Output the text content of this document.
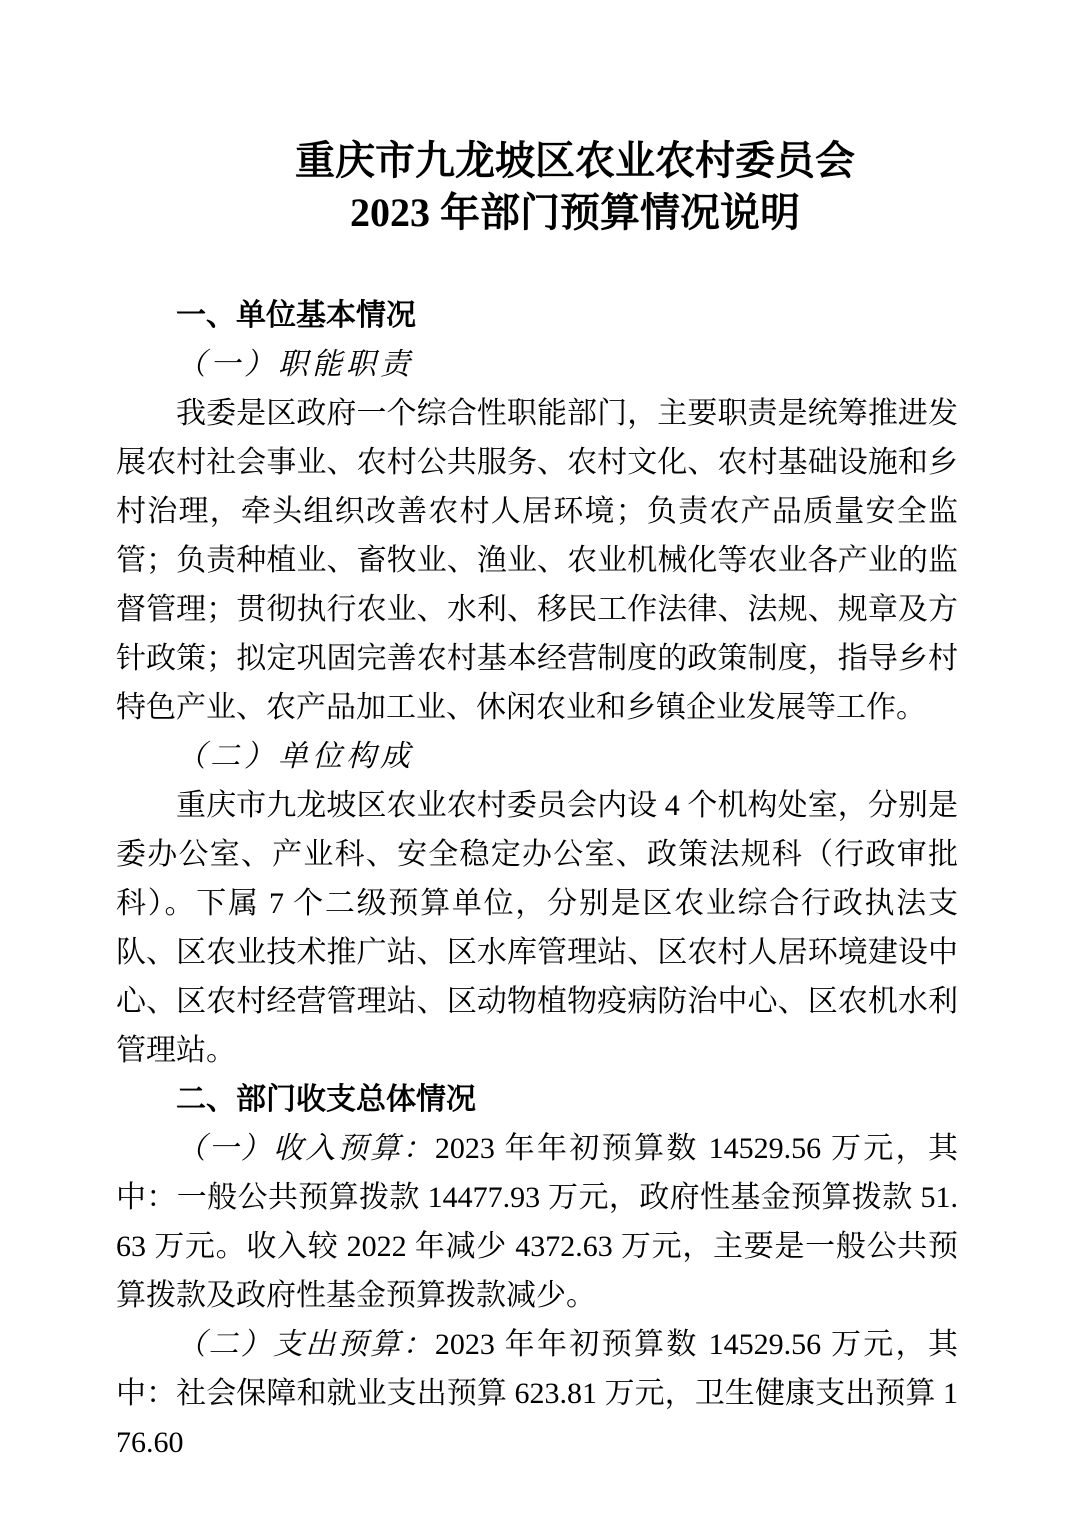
重庆市九龙坡区农业农村委员会
2023 年部门预算情况说明
一、单位基本情况
（一）职能职责

我委是区政府一个综合性职能部门，主要职责是统筹推进发展农村社会事业、农村公共服务、农村文化、农村基础设施和乡村治理，牵头组织改善农村人居环境；负责农产品质量安全监管；负责种植业、畜牧业、渔业、农业机械化等农业各产业的监督管理；贯彻执行农业、水利、移民工作法律、法规、规章及方针政策；拟定巩固完善农村基本经营制度的政策制度，指导乡村特色产业、农产品加工业、休闲农业和乡镇企业发展等工作。

（二）单位构成

重庆市九龙坡区农业农村委员会内设 4 个机构处室，分别是委办公室、产业科、安全稳定办公室、政策法规科（行政审批科）。下属 7 个二级预算单位，分别是区农业综合行政执法支队、区农业技术推广站、区水库管理站、区农村人居环境建设中心、区农村经营管理站、区动物植物疫病防治中心、区农机水利管理站。

二、部门收支总体情况

（一）收入预算：2023 年年初预算数 14529.56 万元，其中：一般公共预算拨款 14477.93 万元，政府性基金预算拨款 51.63 万元。收入较 2022 年减少 4372.63 万元，主要是一般公共预算拨款及政府性基金预算拨款减少。

（二）支出预算：2023 年年初预算数 14529.56 万元，其中：社会保障和就业支出预算 623.81 万元，卫生健康支出预算 176.60
